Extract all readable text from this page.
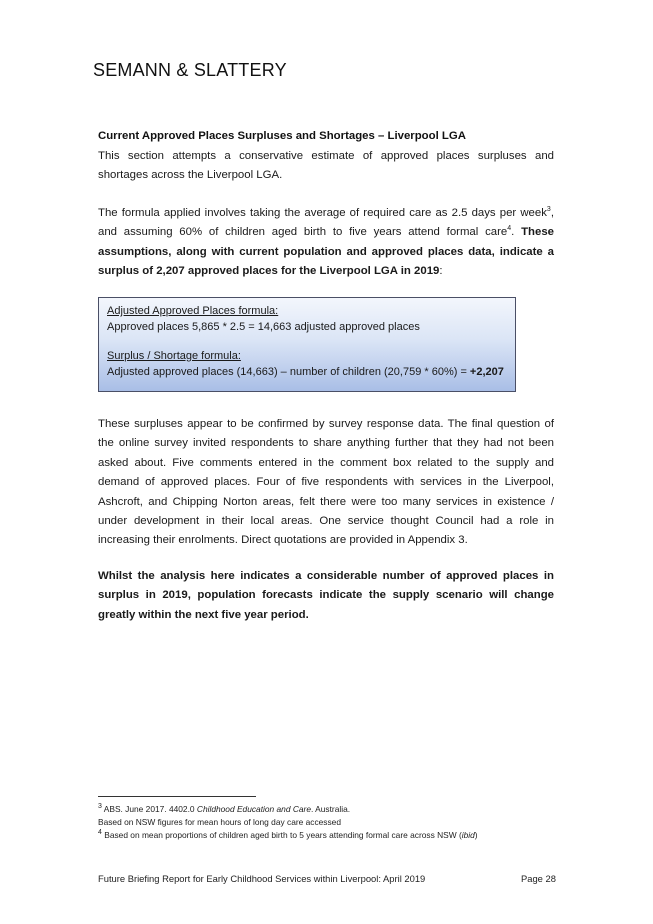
SEMANN & SLATTERY
Current Approved Places Surpluses and Shortages – Liverpool LGA

This section attempts a conservative estimate of approved places surpluses and shortages across the Liverpool LGA.

The formula applied involves taking the average of required care as 2.5 days per week$^3$, and assuming 60% of children aged birth to five years attend formal care$^4$. These assumptions, along with current population and approved places data, indicate a surplus of 2,207 approved places for the Liverpool LGA in 2019:

Adjusted Approved Places formula:
Approved places 5,865 * 2.5 = 14,663 adjusted approved places
Surplus / Shortage formula:
Adjusted approved places (14,663) – number of children (20,759 * 60%) = +2,207

These surpluses appear to be confirmed by survey response data. The final question of the online survey invited respondents to share anything further that they had not been asked about. Five comments entered in the comment box related to the supply and demand of approved places. Four of five respondents with services in the Liverpool, Ashcroft, and Chipping Norton areas, felt there were too many services in existence / under development in their local areas. One service thought Council had a role in increasing their enrolments. Direct quotations are provided in Appendix 3.

Whilst the analysis here indicates a considerable number of approved places in surplus in 2019, population forecasts indicate the supply scenario will change greatly within the next five year period.

$^3$ ABS. June 2017. 4402.0 Childhood Education and Care. Australia.
Based on NSW figures for mean hours of long day care accessed
$^4$ Based on mean proportions of children aged birth to 5 years attending formal care across NSW (ibid)
Future Briefing Report for Early Childhood Services within Liverpool: April 2019	Page 28
